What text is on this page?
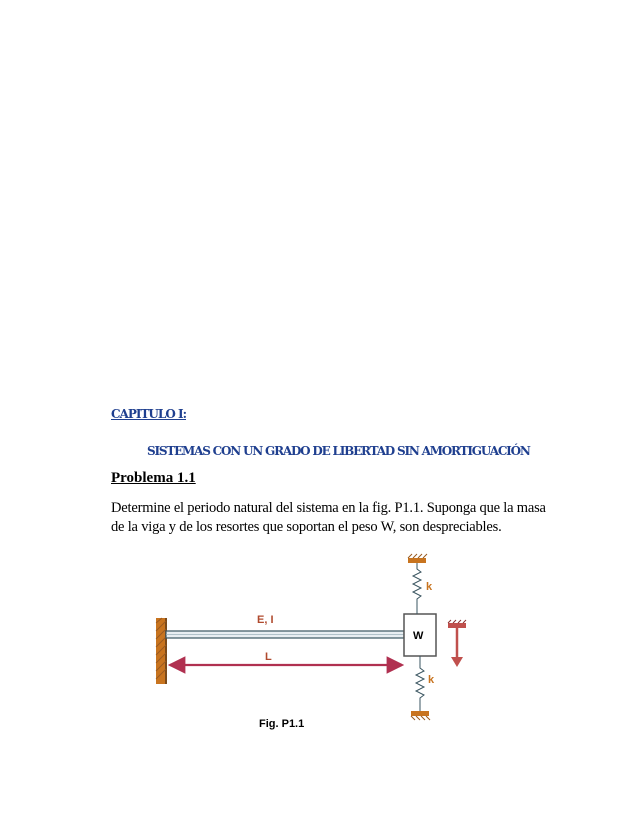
CAPITULO I:
SISTEMAS CON UN GRADO DE LIBERTAD SIN AMORTIGUACIÓN
Problema 1.1

Determine el periodo natural del sistema en la fig. P1.1. Suponga que la masa de la viga y de los resortes que soportan el peso W, son despreciables.

E, I
L
W
k
k

Fig. P1.1
